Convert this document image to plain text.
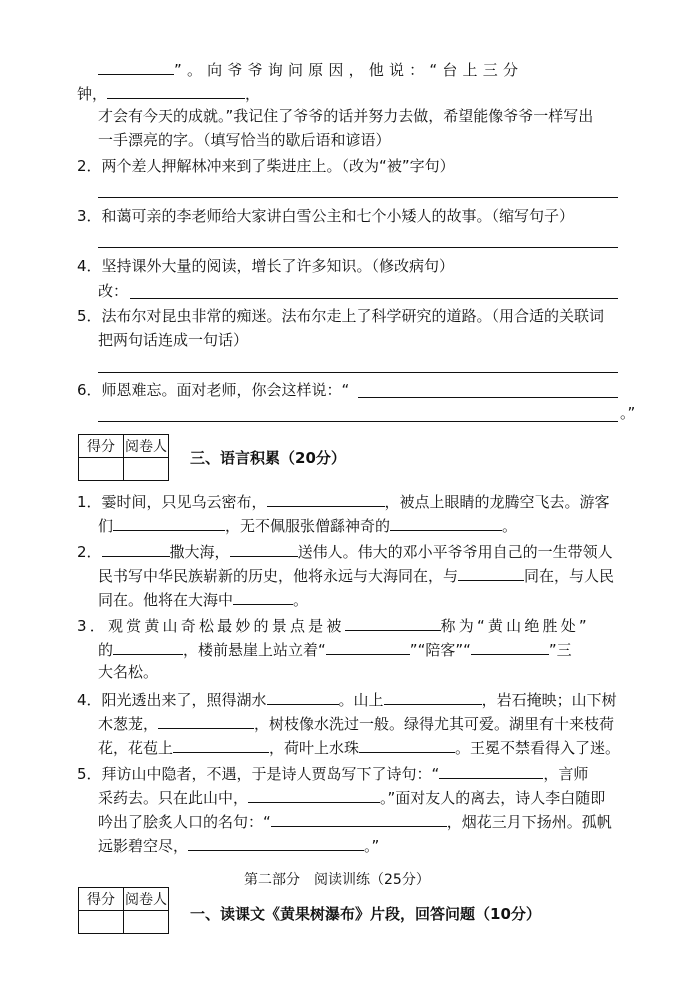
”。向爷爷询问原因，他说：“台上三分
钟，	，
才会有今天的成就。”我记住了爷爷的话并努力去做，希望能像爷爷一样写出
一手漂亮的字。（填写恰当的歇后语和谚语）
2．两个差人押解林冲来到了柴进庄上。（改为“被”字句）
3．和蔼可亲的李老师给大家讲白雪公主和七个小矮人的故事。（缩写句子）
4．坚持课外大量的阅读，增长了许多知识。（修改病句）
改：
5．法布尔对昆虫非常的痴迷。法布尔走上了科学研究的道路。（用合适的关联词
把两句话连成一句话）
6．师恩难忘。面对老师，你会这样说：“
。”
得分	阅卷人

三、语言积累（20分）
1．霎时间，只见乌云密布，	，被点上眼睛的龙腾空飞去。游客
们	，无不佩服张僧繇神奇的	。
2．	撒大海，	送伟人。伟大的邓小平爷爷用自己的一生带领人
民书写中华民族崭新的历史，他将永远与大海同在，与	同在，与人民
同在。他将在大海中	。
3．观赏黄山奇松最妙的景点是被	称为“黄山绝胜处”
的	，楼前悬崖上站立着“	”“陪客”“	”三
大名松。
4．阳光透出来了，照得湖水	。山上	，岩石掩映；山下树
木葱茏，	，树枝像水洗过一般。绿得尤其可爱。湖里有十来枝荷
花，花苞上	，荷叶上水珠	。王冕不禁看得入了迷。
5．拜访山中隐者，不遇，于是诗人贾岛写下了诗句：“	，言师
采药去。只在此山中，	。”面对友人的离去，诗人李白随即
吟出了脍炙人口的名句：“	，烟花三月下扬州。孤帆
远影碧空尽，	。”
第二部分　阅读训练（25分）
得分	阅卷人

一、读课文《黄果树瀑布》片段，回答问题（10分）
